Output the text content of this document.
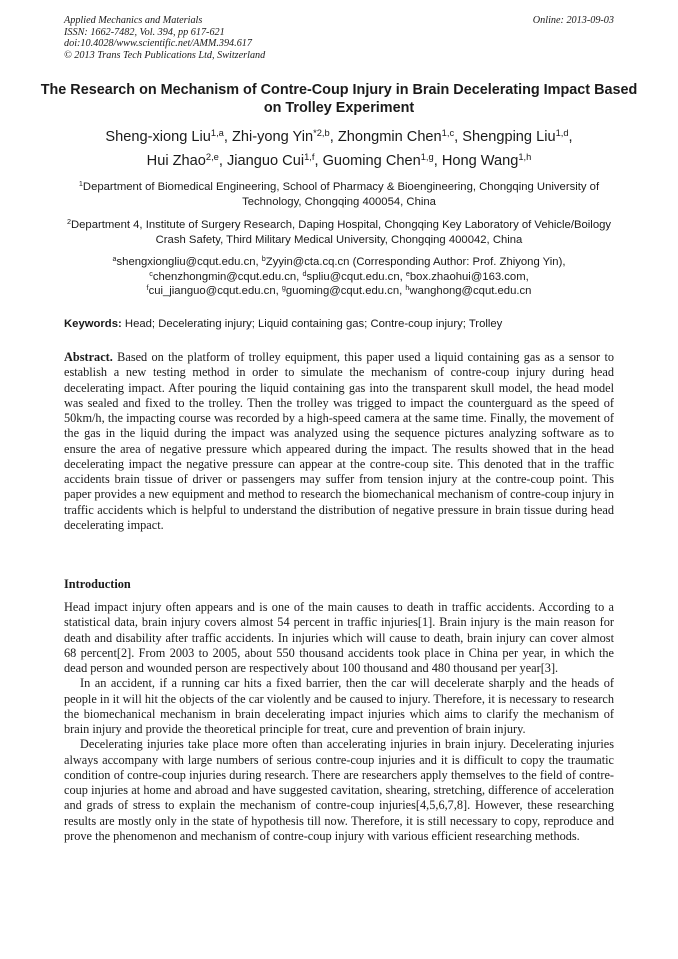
Applied Mechanics and Materials
ISSN: 1662-7482, Vol. 394, pp 617-621
doi:10.4028/www.scientific.net/AMM.394.617
© 2013 Trans Tech Publications Ltd, Switzerland
Online: 2013-09-03
The Research on Mechanism of Contre-Coup Injury in Brain Decelerating Impact Based on Trolley Experiment
Sheng-xiong Liu$^{1,a}$, Zhi-yong Yin$^{*2,b}$, Zhongmin Chen$^{1,c}$, Shengping Liu$^{1,d}$,
Hui Zhao$^{2,e}$, Jianguo Cui$^{1,f}$, Guoming Chen$^{1,g}$, Hong Wang$^{1,h}$
$^1$Department of Biomedical Engineering, School of Pharmacy & Bioengineering, Chongqing University of Technology, Chongqing 400054, China
$^2$Department 4, Institute of Surgery Research, Daping Hospital, Chongqing Key Laboratory of Vehicle/Boilogy Crash Safety, Third Military Medical University, Chongqing 400042, China
$^a$shengxiongliu@cqut.edu.cn, $^b$Zyyin@cta.cq.cn (Corresponding Author: Prof. Zhiyong Yin),
$^c$chenzhongmin@cqut.edu.cn, $^d$spliu@cqut.edu.cn, $^e$box.zhaohui@163.com,
$^f$cui_jianguo@cqut.edu.cn, $^g$guoming@cqut.edu.cn, $^h$wanghong@cqut.edu.cn
Keywords: Head; Decelerating injury; Liquid containing gas; Contre-coup injury; Trolley
Abstract. Based on the platform of trolley equipment, this paper used a liquid containing gas as a sensor to establish a new testing method in order to simulate the mechanism of contre-coup injury during head decelerating impact. After pouring the liquid containing gas into the transparent skull model, the head model was sealed and fixed to the trolley. Then the trolley was trigged to impact the counterguard as the speed of 50km/h, the impacting course was recorded by a high-speed camera at the same time. Finally, the movement of the gas in the liquid during the impact was analyzed using the sequence pictures analyzing software as to ensure the area of negative pressure which appeared during the impact. The results showed that in the head decelerating impact the negative pressure can appear at the contre-coup site. This denoted that in the traffic accidents brain tissue of driver or passengers may suffer from tension injury at the contre-coup point. This paper provides a new equipment and method to research the biomechanical mechanism of contre-coup injury in traffic accidents which is helpful to understand the distribution of negative pressure in brain tissue during head decelerating impact.
Introduction

Head impact injury often appears and is one of the main causes to death in traffic accidents. According to a statistical data, brain injury covers almost 54 percent in traffic injuries[1]. Brain injury is the main reason for death and disability after traffic accidents. In injuries which will cause to death, brain injury can cover almost 68 percent[2]. From 2003 to 2005, about 550 thousand accidents took place in China per year, in which the dead person and wounded person are respectively about 100 thousand and 480 thousand per year[3].

In an accident, if a running car hits a fixed barrier, then the car will decelerate sharply and the heads of people in it will hit the objects of the car violently and be caused to injury. Therefore, it is necessary to research the biomechanical mechanism in brain decelerating impact injuries which aims to clarify the mechanism of brain injury and provide the theoretical principle for treat, cure and prevention of brain injury.

Decelerating injuries take place more often than accelerating injuries in brain injury. Decelerating injuries always accompany with large numbers of serious contre-coup injuries and it is difficult to copy the traumatic condition of contre-coup injuries during research. There are researchers apply themselves to the field of contre-coup injuries at home and abroad and have suggested cavitation, shearing, stretching, difference of acceleration and grads of stress to explain the mechanism of contre-coup injuries[4,5,6,7,8]. However, these researching results are mostly only in the state of hypothesis till now. Therefore, it is still necessary to copy, reproduce and prove the phenomenon and mechanism of contre-coup injury with various efficient researching methods.
